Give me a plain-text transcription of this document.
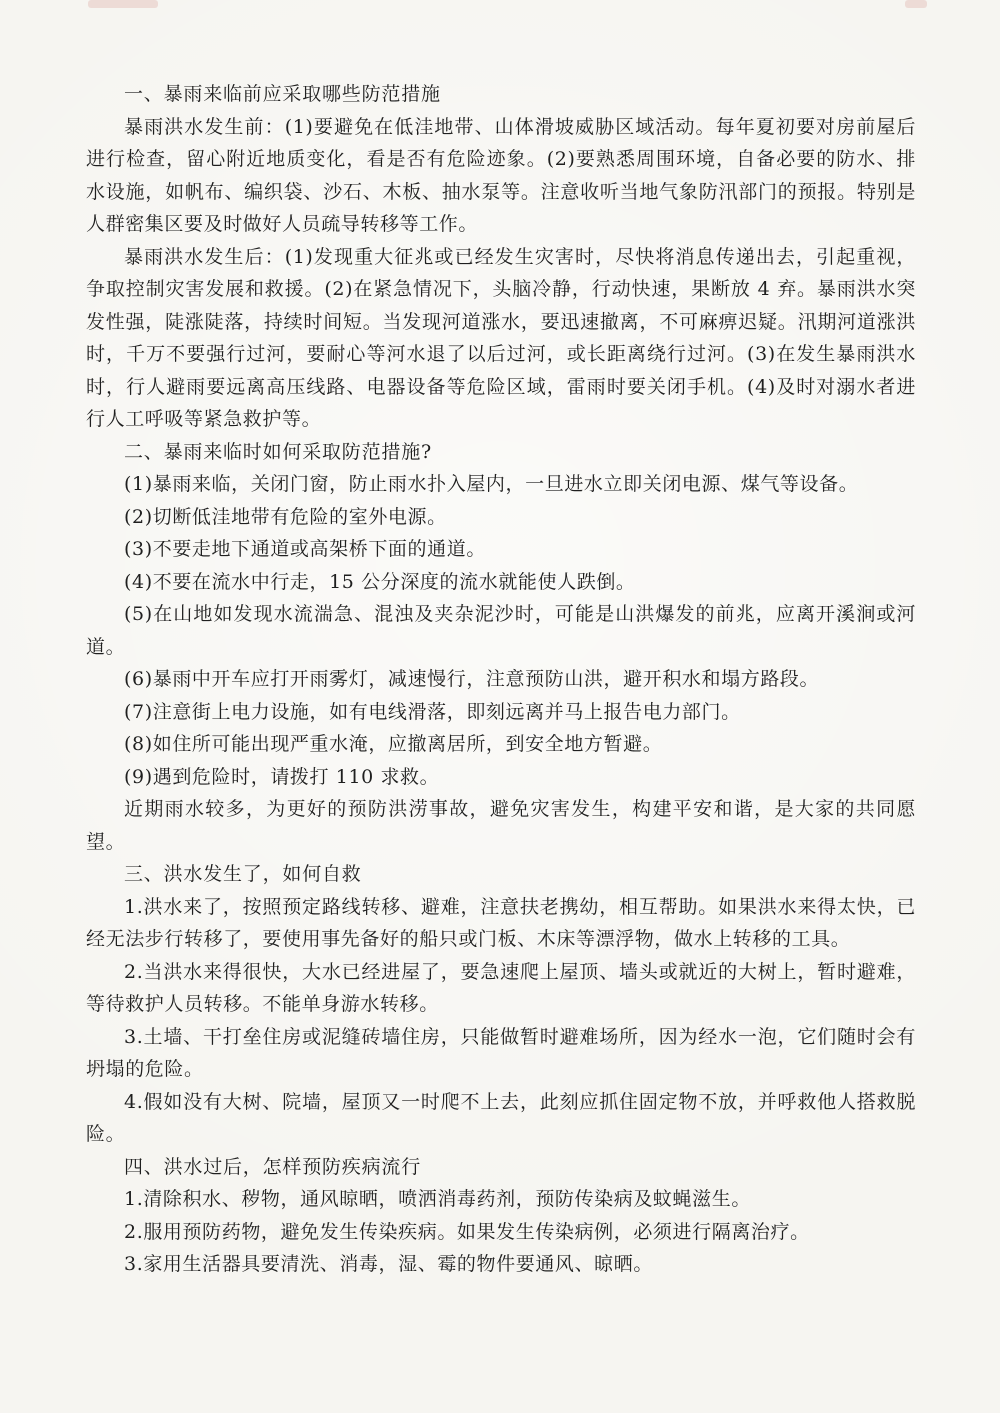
一、暴雨来临前应采取哪些防范措施

暴雨洪水发生前：(1)要避免在低洼地带、山体滑坡威胁区域活动。每年夏初要对房前屋后进行检查，留心附近地质变化，看是否有危险迹象。(2)要熟悉周围环境，自备必要的防水、排水设施，如帆布、编织袋、沙石、木板、抽水泵等。注意收听当地气象防汛部门的预报。特别是人群密集区要及时做好人员疏导转移等工作。

暴雨洪水发生后：(1)发现重大征兆或已经发生灾害时，尽快将消息传递出去，引起重视，争取控制灾害发展和救援。(2)在紧急情况下，头脑冷静，行动快速，果断放 4 弃。暴雨洪水突发性强，陡涨陡落，持续时间短。当发现河道涨水，要迅速撤离，不可麻痹迟疑。汛期河道涨洪时，千万不要强行过河，要耐心等河水退了以后过河，或长距离绕行过河。(3)在发生暴雨洪水时，行人避雨要远离高压线路、电器设备等危险区域，雷雨时要关闭手机。(4)及时对溺水者进行人工呼吸等紧急救护等。

二、暴雨来临时如何采取防范措施?

(1)暴雨来临，关闭门窗，防止雨水扑入屋内，一旦进水立即关闭电源、煤气等设备。

(2)切断低洼地带有危险的室外电源。

(3)不要走地下通道或高架桥下面的通道。

(4)不要在流水中行走，15 公分深度的流水就能使人跌倒。

(5)在山地如发现水流湍急、混浊及夹杂泥沙时，可能是山洪爆发的前兆，应离开溪涧或河道。

(6)暴雨中开车应打开雨雾灯，减速慢行，注意预防山洪，避开积水和塌方路段。

(7)注意街上电力设施，如有电线滑落，即刻远离并马上报告电力部门。

(8)如住所可能出现严重水淹，应撤离居所，到安全地方暂避。

(9)遇到危险时，请拨打 110 求救。

近期雨水较多，为更好的预防洪涝事故，避免灾害发生，构建平安和谐，是大家的共同愿望。

三、洪水发生了，如何自救

1.洪水来了，按照预定路线转移、避难，注意扶老携幼，相互帮助。如果洪水来得太快，已经无法步行转移了，要使用事先备好的船只或门板、木床等漂浮物，做水上转移的工具。

2.当洪水来得很快，大水已经进屋了，要急速爬上屋顶、墙头或就近的大树上，暂时避难，等待救护人员转移。不能单身游水转移。

3.土墙、干打垒住房或泥缝砖墙住房，只能做暂时避难场所，因为经水一泡，它们随时会有坍塌的危险。

4.假如没有大树、院墙，屋顶又一时爬不上去，此刻应抓住固定物不放，并呼救他人搭救脱险。

四、洪水过后，怎样预防疾病流行

1.清除积水、秽物，通风晾晒，喷洒消毒药剂，预防传染病及蚊蝇滋生。

2.服用预防药物，避免发生传染疾病。如果发生传染病例，必须进行隔离治疗。

3.家用生活器具要清洗、消毒，湿、霉的物件要通风、晾晒。
